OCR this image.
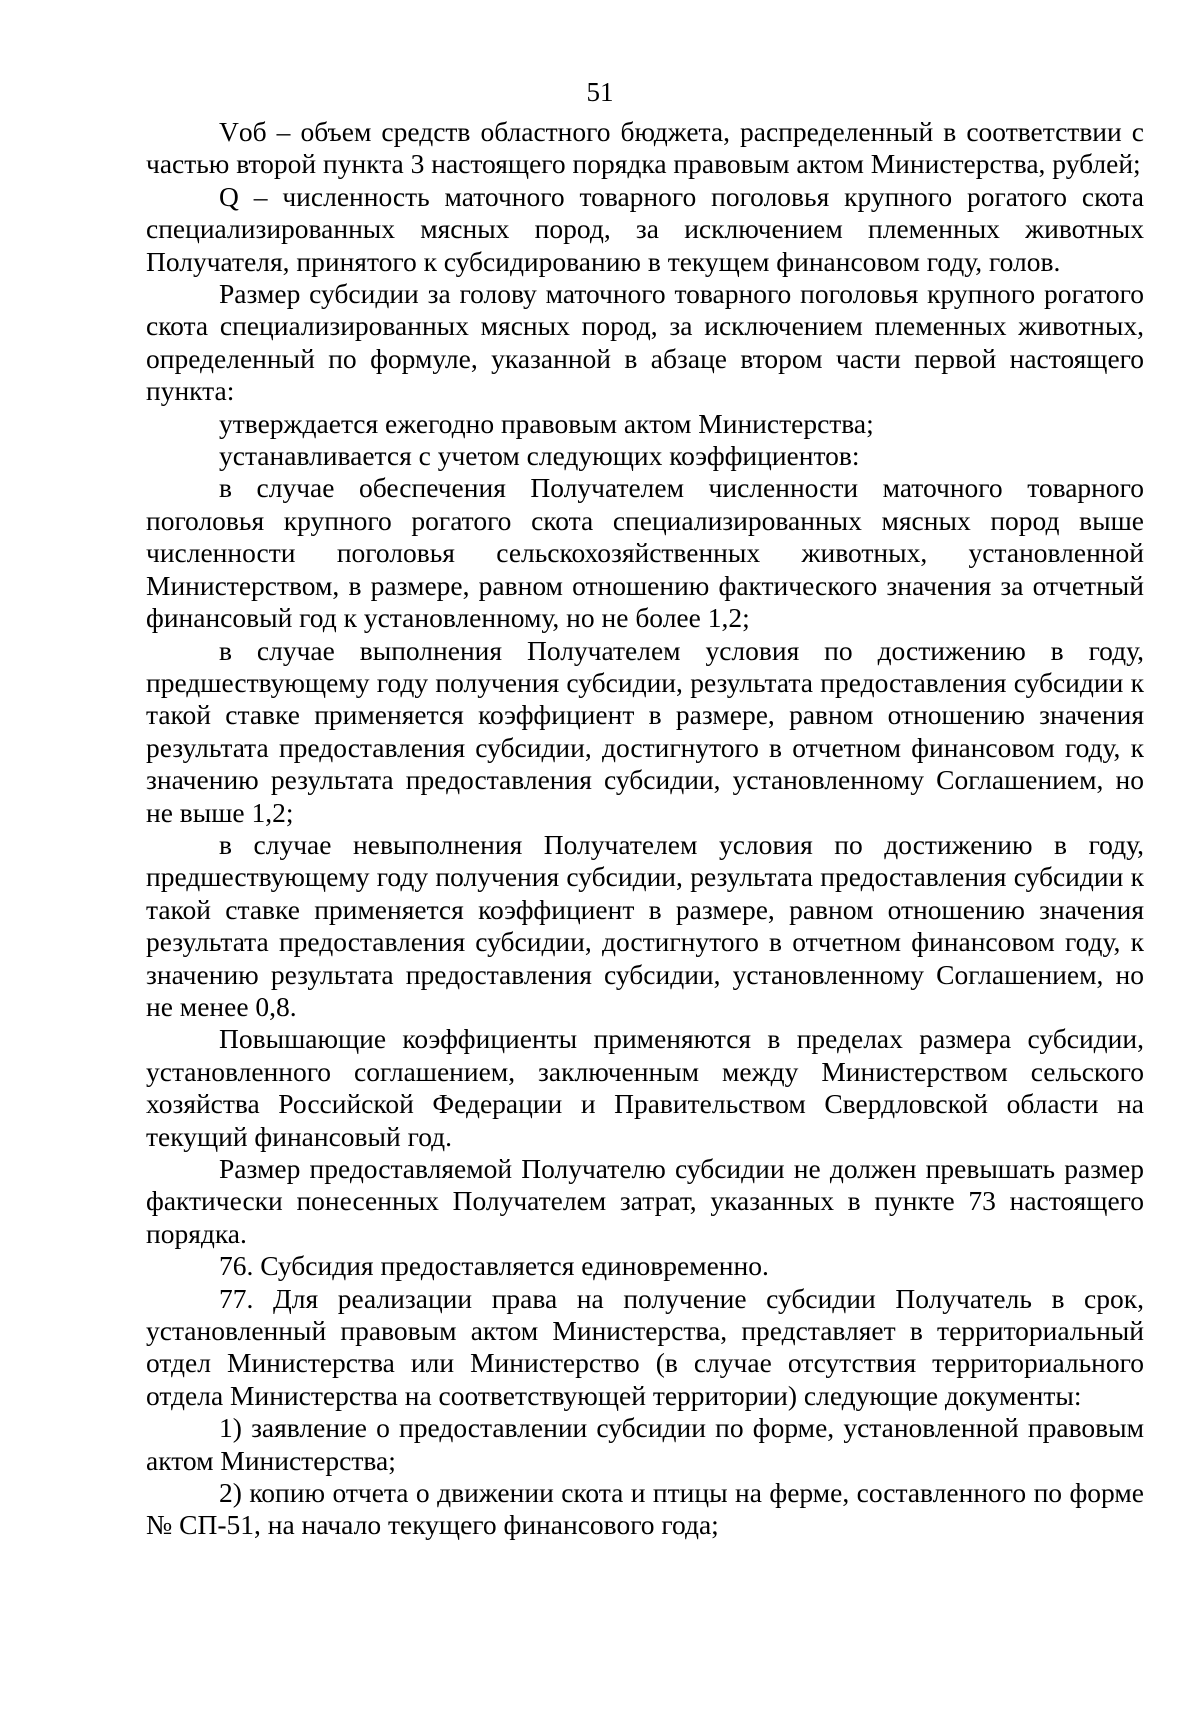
51

Vоб – объем средств областного бюджета, распределенный в соответствии с частью второй пункта 3 настоящего порядка правовым актом Министерства, рублей;

Q – численность маточного товарного поголовья крупного рогатого скота специализированных мясных пород, за исключением племенных животных Получателя, принятого к субсидированию в текущем финансовом году, голов.

Размер субсидии за голову маточного товарного поголовья крупного рогатого скота специализированных мясных пород, за исключением племенных животных, определенный по формуле, указанной в абзаце втором части первой настоящего пункта:

утверждается ежегодно правовым актом Министерства;

устанавливается с учетом следующих коэффициентов:

в случае обеспечения Получателем численности маточного товарного поголовья крупного рогатого скота специализированных мясных пород выше численности поголовья сельскохозяйственных животных, установленной Министерством, в размере, равном отношению фактического значения за отчетный финансовый год к установленному, но не более 1,2;

в случае выполнения Получателем условия по достижению в году, предшествующему году получения субсидии, результата предоставления субсидии к такой ставке применяется коэффициент в размере, равном отношению значения результата предоставления субсидии, достигнутого в отчетном финансовом году, к значению результата предоставления субсидии, установленному Соглашением, но не выше 1,2;

в случае невыполнения Получателем условия по достижению в году, предшествующему году получения субсидии, результата предоставления субсидии к такой ставке применяется коэффициент в размере, равном отношению значения результата предоставления субсидии, достигнутого в отчетном финансовом году, к значению результата предоставления субсидии, установленному Соглашением, но не менее 0,8.

Повышающие коэффициенты применяются в пределах размера субсидии, установленного соглашением, заключенным между Министерством сельского хозяйства Российской Федерации и Правительством Свердловской области на текущий финансовый год.

Размер предоставляемой Получателю субсидии не должен превышать размер фактически понесенных Получателем затрат, указанных в пункте 73 настоящего порядка.

76. Субсидия предоставляется единовременно.

77. Для реализации права на получение субсидии Получатель в срок, установленный правовым актом Министерства, представляет в территориальный отдел Министерства или Министерство (в случае отсутствия территориального отдела Министерства на соответствующей территории) следующие документы:

1) заявление о предоставлении субсидии по форме, установленной правовым актом Министерства;

2) копию отчета о движении скота и птицы на ферме, составленного по форме № СП-51, на начало текущего финансового года;
